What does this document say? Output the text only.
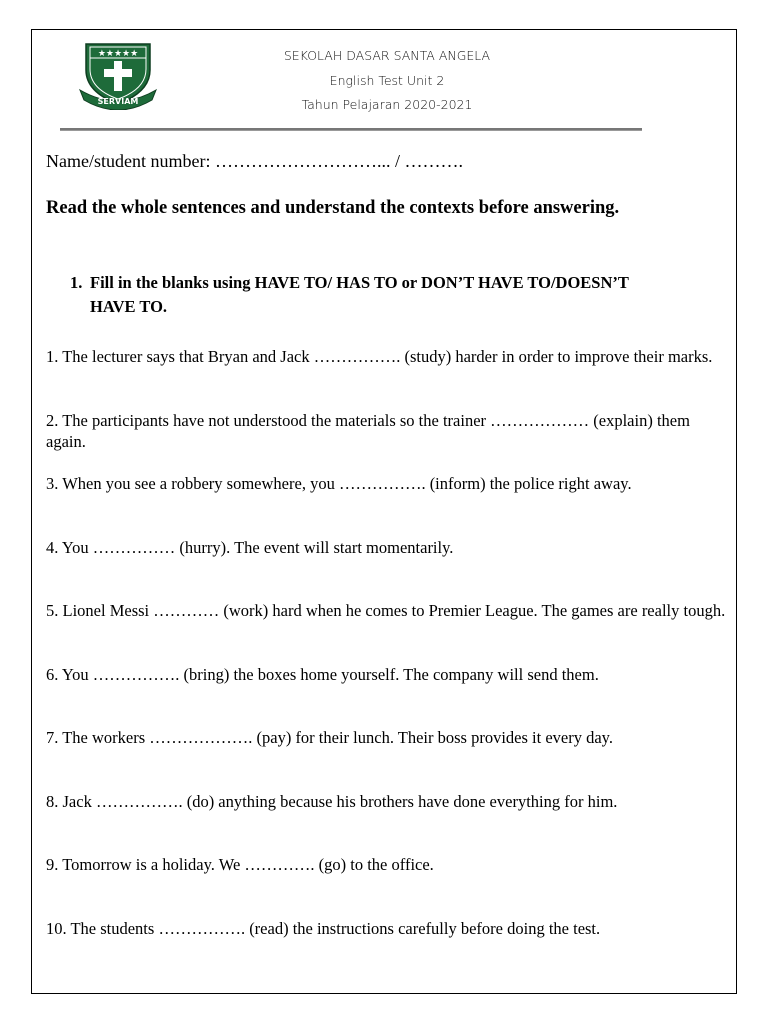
★★★★★
SERVIAM
SEKOLAH DASAR SANTA ANGELA
English Test Unit 2
Tahun Pelajaran 2020-2021
Name/student number: ………………………... / ……….
Read the whole sentences and understand the contexts before answering.
1. Fill in the blanks using HAVE TO/ HAS TO or DON’T HAVE TO/DOESN’T HAVE TO.
1. The lecturer says that Bryan and Jack ……………. (study) harder in order to improve their marks.
2. The participants have not understood the materials so the trainer ……………… (explain) them again.
3. When you see a robbery somewhere, you ……………. (inform) the police right away.
4. You …………… (hurry). The event will start momentarily.
5. Lionel Messi ………… (work) hard when he comes to Premier League. The games are really tough.
6. You ……………. (bring) the boxes home yourself. The company will send them.
7. The workers ………………. (pay) for their lunch. Their boss provides it every day.
8. Jack ……………. (do) anything because his brothers have done everything for him.
9. Tomorrow is a holiday. We …………. (go) to the office.
10. The students ……………. (read) the instructions carefully before doing the test.
